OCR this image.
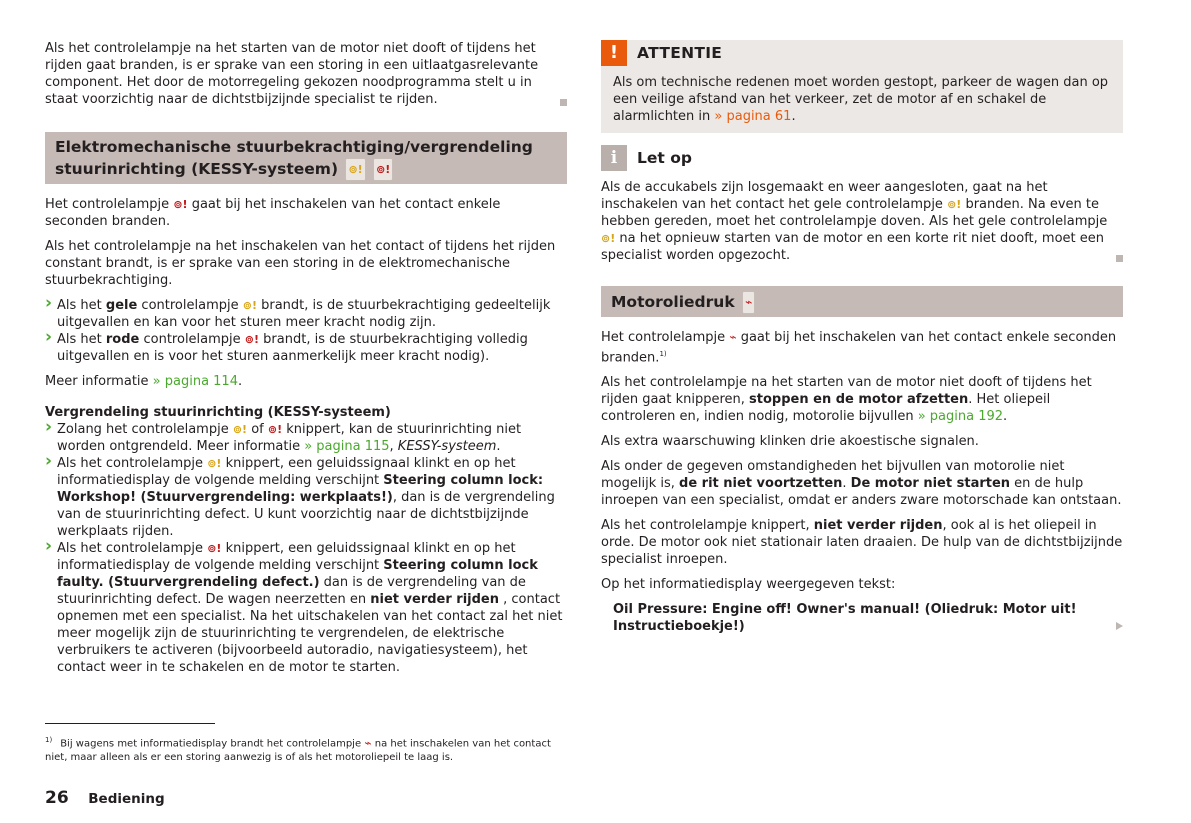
Als het controlelampje na het starten van de motor niet dooft of tijdens het rijden gaat branden, is er sprake van een storing in een uitlaatgasrelevante component. Het door de motorregeling gekozen noodprogramma stelt u in staat voorzichtig naar de dichtstbijzijnde specialist te rijden.

Elektromechanische stuurbekrachtiging/vergrendeling stuurinrichting (KESSY-systeem) ⊚! ⊚!

Het controlelampje ⊚! gaat bij het inschakelen van het contact enkele seconden branden.

Als het controlelampje na het inschakelen van het contact of tijdens het rijden constant brandt, is er sprake van een storing in de elektromechanische stuurbekrachtiging.

› Als het gele controlelampje ⊚! brandt, is de stuurbekrachtiging gedeeltelijk uitgevallen en kan voor het sturen meer kracht nodig zijn.
› Als het rode controlelampje ⊚! brandt, is de stuurbekrachtiging volledig uitgevallen en is voor het sturen aanmerkelijk meer kracht nodig).

Meer informatie » pagina 114.

Vergrendeling stuurinrichting (KESSY-systeem)
› Zolang het controlelampje ⊚! of ⊚! knippert, kan de stuurinrichting niet worden ontgrendeld. Meer informatie » pagina 115, KESSY-systeem.
› Als het controlelampje ⊚! knippert, een geluidssignaal klinkt en op het informatiedisplay de volgende melding verschijnt Steering column lock: Workshop! (Stuurvergrendeling: werkplaats!), dan is de vergrendeling van de stuurinrichting defect. U kunt voorzichtig naar de dichtstbijzijnde werkplaats rijden.
› Als het controlelampje ⊚! knippert, een geluidssignaal klinkt en op het informatiedisplay de volgende melding verschijnt Steering column lock faulty. (Stuurvergrendeling defect.) dan is de vergrendeling van de stuurinrichting defect. De wagen neerzetten en niet verder rijden , contact opnemen met een specialist. Na het uitschakelen van het contact zal het niet meer mogelijk zijn de stuurinrichting te vergrendelen, de elektrische verbruikers te activeren (bijvoorbeeld autoradio, navigatiesysteem), het contact weer in te schakelen en de motor te starten.
!	ATTENTIE
Als om technische redenen moet worden gestopt, parkeer de wagen dan op een veilige afstand van het verkeer, zet de motor af en schakel de alarmlichten in » pagina 61.
i	Let op

Als de accukabels zijn losgemaakt en weer aangesloten, gaat na het inschakelen van het contact het gele controlelampje ⊚! branden. Na even te hebben gereden, moet het controlelampje doven. Als het gele controlelampje ⊚! na het opnieuw starten van de motor en een korte rit niet dooft, moet een specialist worden opgezocht.

Motoroliedruk ⌁

Het controlelampje ⌁ gaat bij het inschakelen van het contact enkele seconden branden.$^{1)}$

Als het controlelampje na het starten van de motor niet dooft of tijdens het rijden gaat knipperen, stoppen en de motor afzetten. Het oliepeil controleren en, indien nodig, motorolie bijvullen » pagina 192.

Als extra waarschuwing klinken drie akoestische signalen.

Als onder de gegeven omstandigheden het bijvullen van motorolie niet mogelijk is, de rit niet voortzetten. De motor niet starten en de hulp inroepen van een specialist, omdat er anders zware motorschade kan ontstaan.

Als het controlelampje knippert, niet verder rijden, ook al is het oliepeil in orde. De motor ook niet stationair laten draaien. De hulp van de dichtstbijzijnde specialist inroepen.

Op het informatiedisplay weergegeven tekst:

Oil Pressure: Engine off! Owner's manual! (Oliedruk: Motor uit! Instructieboekje!)
$^{1)}$ Bij wagens met informatiedisplay brandt het controlelampje ⌁ na het inschakelen van het contact niet, maar alleen als er een storing aanwezig is of als het motoroliepeil te laag is.
26 Bediening
